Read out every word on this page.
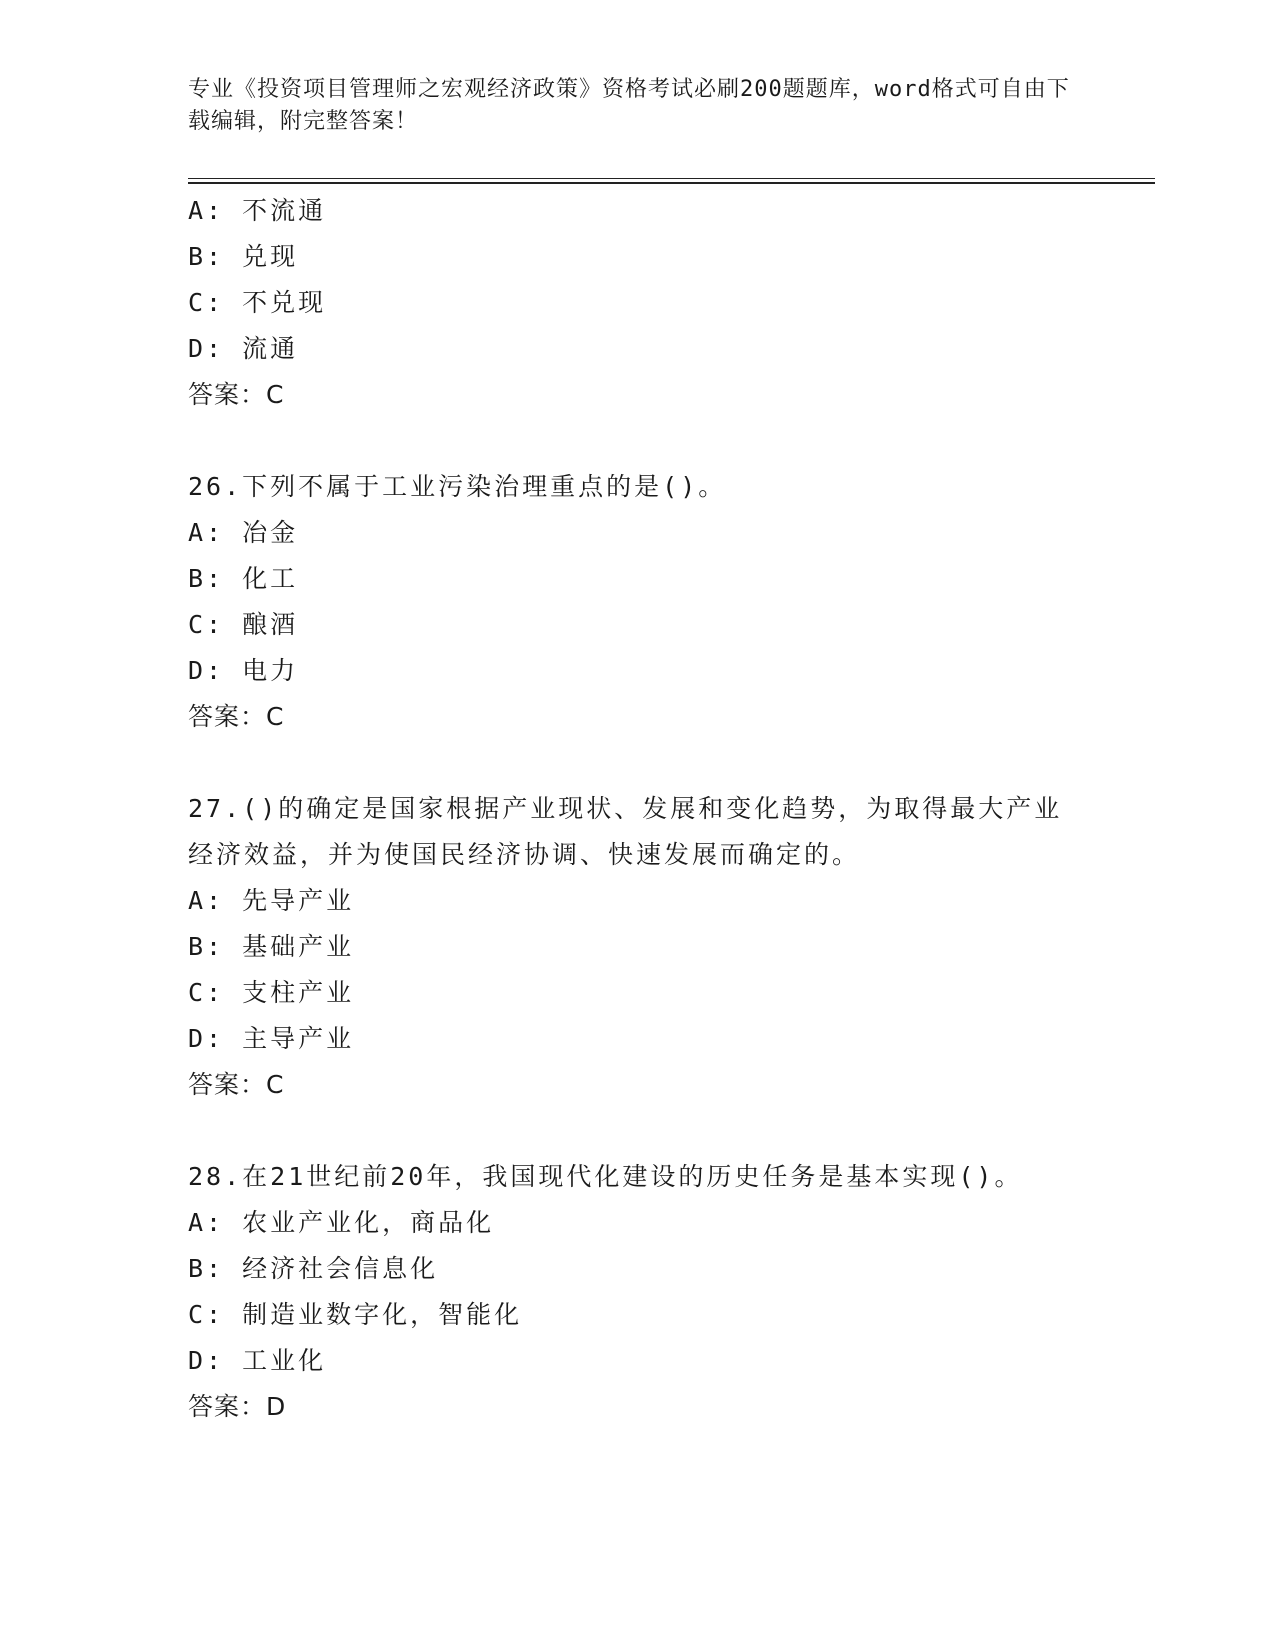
专业《投资项目管理师之宏观经济政策》资格考试必刷200题题库，word格式可自由下载编辑，附完整答案！
A: 不流通
B: 兑现
C: 不兑现
D: 流通
答案：C
26.下列不属于工业污染治理重点的是()。
A: 冶金
B: 化工
C: 酿酒
D: 电力
答案：C
27.()的确定是国家根据产业现状、发展和变化趋势，为取得最大产业经济效益，并为使国民经济协调、快速发展而确定的。
A: 先导产业
B: 基础产业
C: 支柱产业
D: 主导产业
答案：C
28.在21世纪前20年，我国现代化建设的历史任务是基本实现()。
A: 农业产业化，商品化
B: 经济社会信息化
C: 制造业数字化，智能化
D: 工业化
答案：D
